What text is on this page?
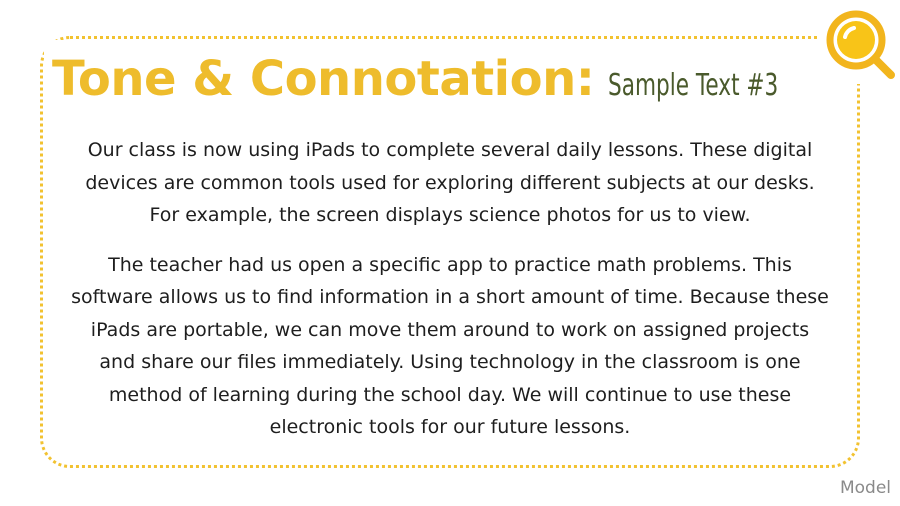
Tone & Connotation: Sample Text #3

Our class is now using iPads to complete several daily lessons. These digital
devices are common tools used for exploring different subjects at our desks.
For example, the screen displays science photos for us to view.

The teacher had us open a specific app to practice math problems. This
software allows us to find information in a short amount of time. Because these
iPads are portable, we can move them around to work on assigned projects
and share our files immediately. Using technology in the classroom is one
method of learning during the school day. We will continue to use these
electronic tools for our future lessons.

Model
